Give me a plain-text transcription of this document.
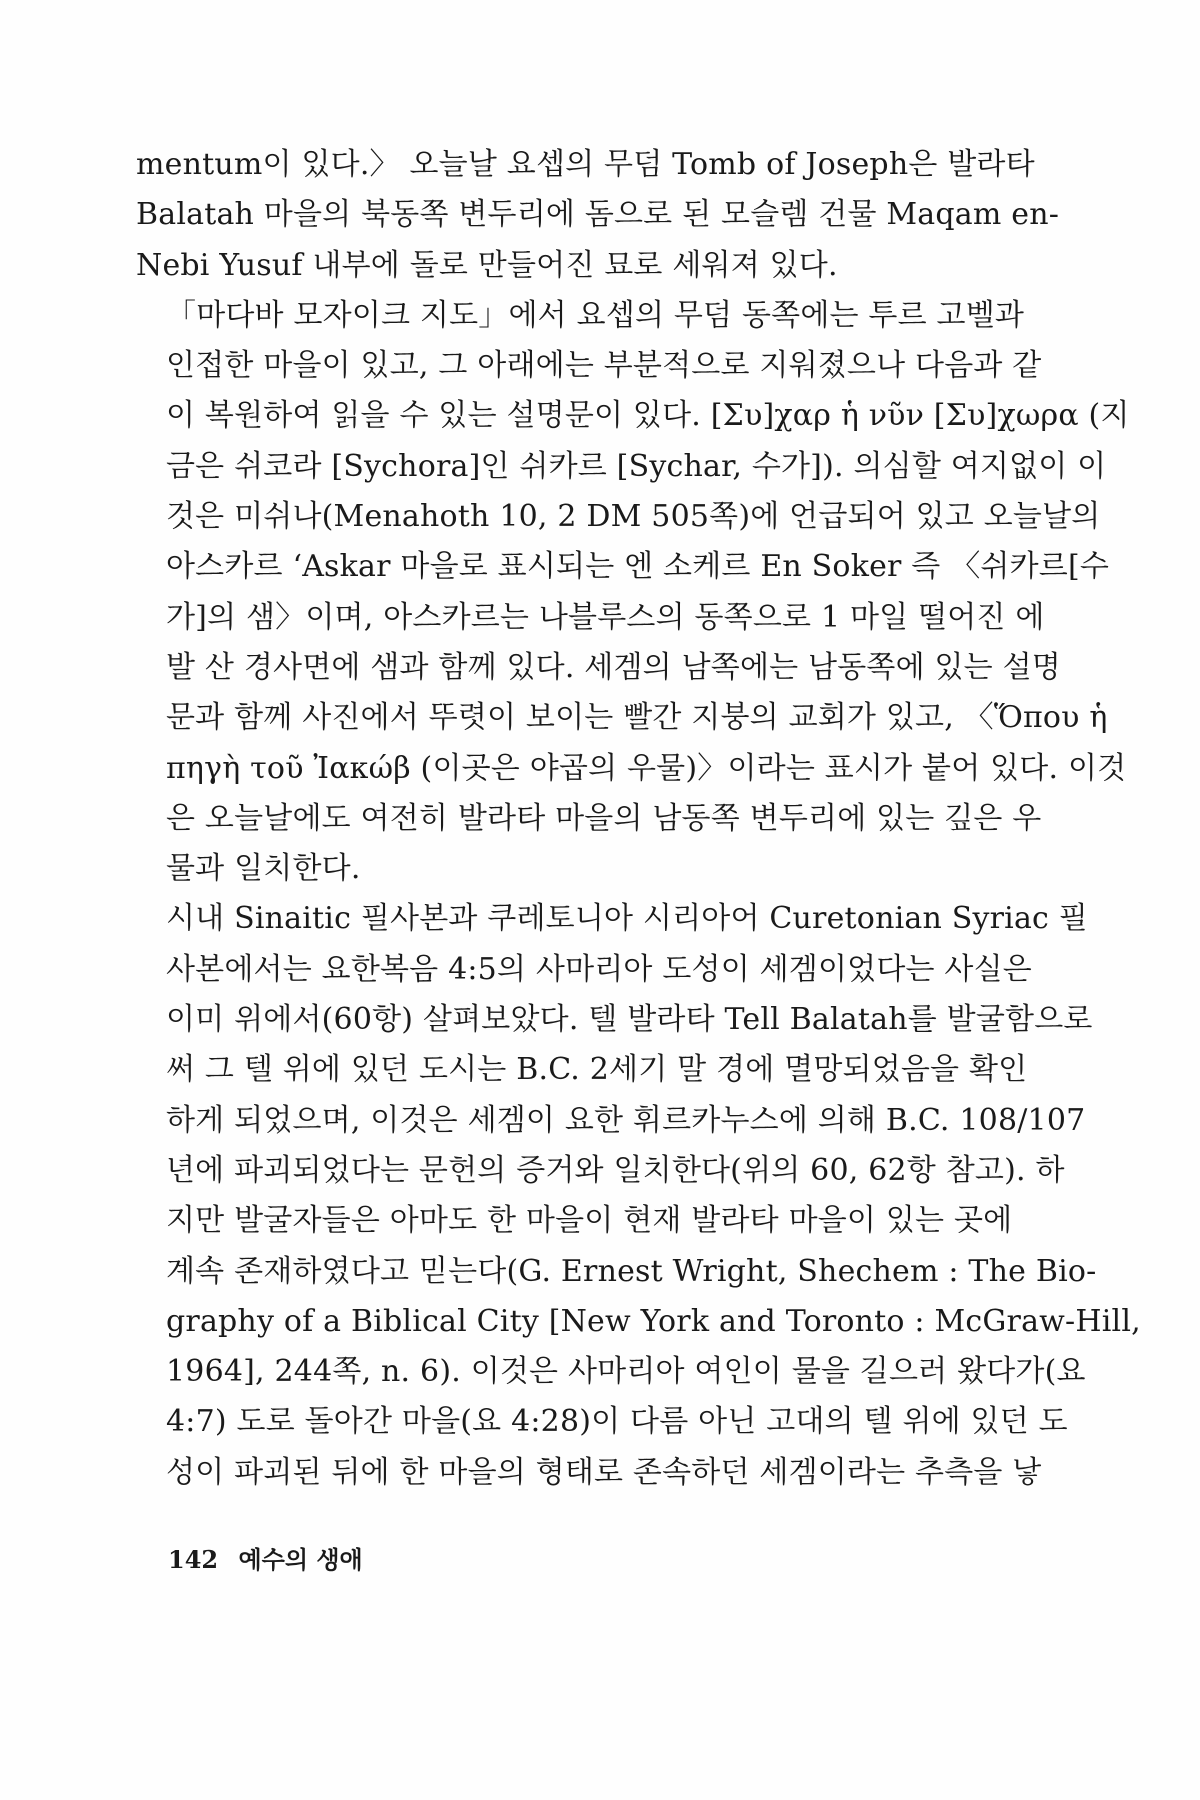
mentum이 있다.〉 오늘날 요셉의 무덤 Tomb of Joseph은 발라타
Balatah 마을의 북동쪽 변두리에 돔으로 된 모슬렘 건물 Maqam en-
Nebi Yusuf 내부에 돌로 만들어진 묘로 세워져 있다.

「마다바 모자이크 지도」에서 요셉의 무덤 동쪽에는 투르 고벨과
인접한 마을이 있고, 그 아래에는 부분적으로 지워졌으나 다음과 같
이 복원하여 읽을 수 있는 설명문이 있다. [Συ]χαρ ἡ νῦν [Συ]χωρα (지
금은 쉬코라 [Sychora]인 쉬카르 [Sychar, 수가]). 의심할 여지없이 이
것은 미쉬나(Menahoth 10, 2 DM 505쪽)에 언급되어 있고 오늘날의
아스카르 ‘Askar 마을로 표시되는 엔 소케르 En Soker 즉 〈쉬카르[수
가]의 샘〉이며, 아스카르는 나블루스의 동쪽으로 1 마일 떨어진 에
발 산 경사면에 샘과 함께 있다. 세겜의 남쪽에는 남동쪽에 있는 설명
문과 함께 사진에서 뚜렷이 보이는 빨간 지붕의 교회가 있고, 〈Ὅπου ἡ
πηγὴ τοῦ Ἰακώβ (이곳은 야곱의 우물)〉이라는 표시가 붙어 있다. 이것
은 오늘날에도 여전히 발라타 마을의 남동쪽 변두리에 있는 깊은 우
물과 일치한다.

시내 Sinaitic 필사본과 쿠레토니아 시리아어 Curetonian Syriac 필
사본에서는 요한복음 4:5의 사마리아 도성이 세겜이었다는 사실은
이미 위에서(60항) 살펴보았다. 텔 발라타 Tell Balatah를 발굴함으로
써 그 텔 위에 있던 도시는 B.C. 2세기 말 경에 멸망되었음을 확인
하게 되었으며, 이것은 세겜이 요한 휘르카누스에 의해 B.C. 108/107
년에 파괴되었다는 문헌의 증거와 일치한다(위의 60, 62항 참고). 하
지만 발굴자들은 아마도 한 마을이 현재 발라타 마을이 있는 곳에
계속 존재하였다고 믿는다(G. Ernest Wright, Shechem : The Bio-
graphy of a Biblical City [New York and Toronto : McGraw-Hill,
1964], 244쪽, n. 6). 이것은 사마리아 여인이 물을 길으러 왔다가(요
4:7) 도로 돌아간 마을(요 4:28)이 다름 아닌 고대의 텔 위에 있던 도
성이 파괴된 뒤에 한 마을의 형태로 존속하던 세겜이라는 추측을 낳

142 예수의 생애
